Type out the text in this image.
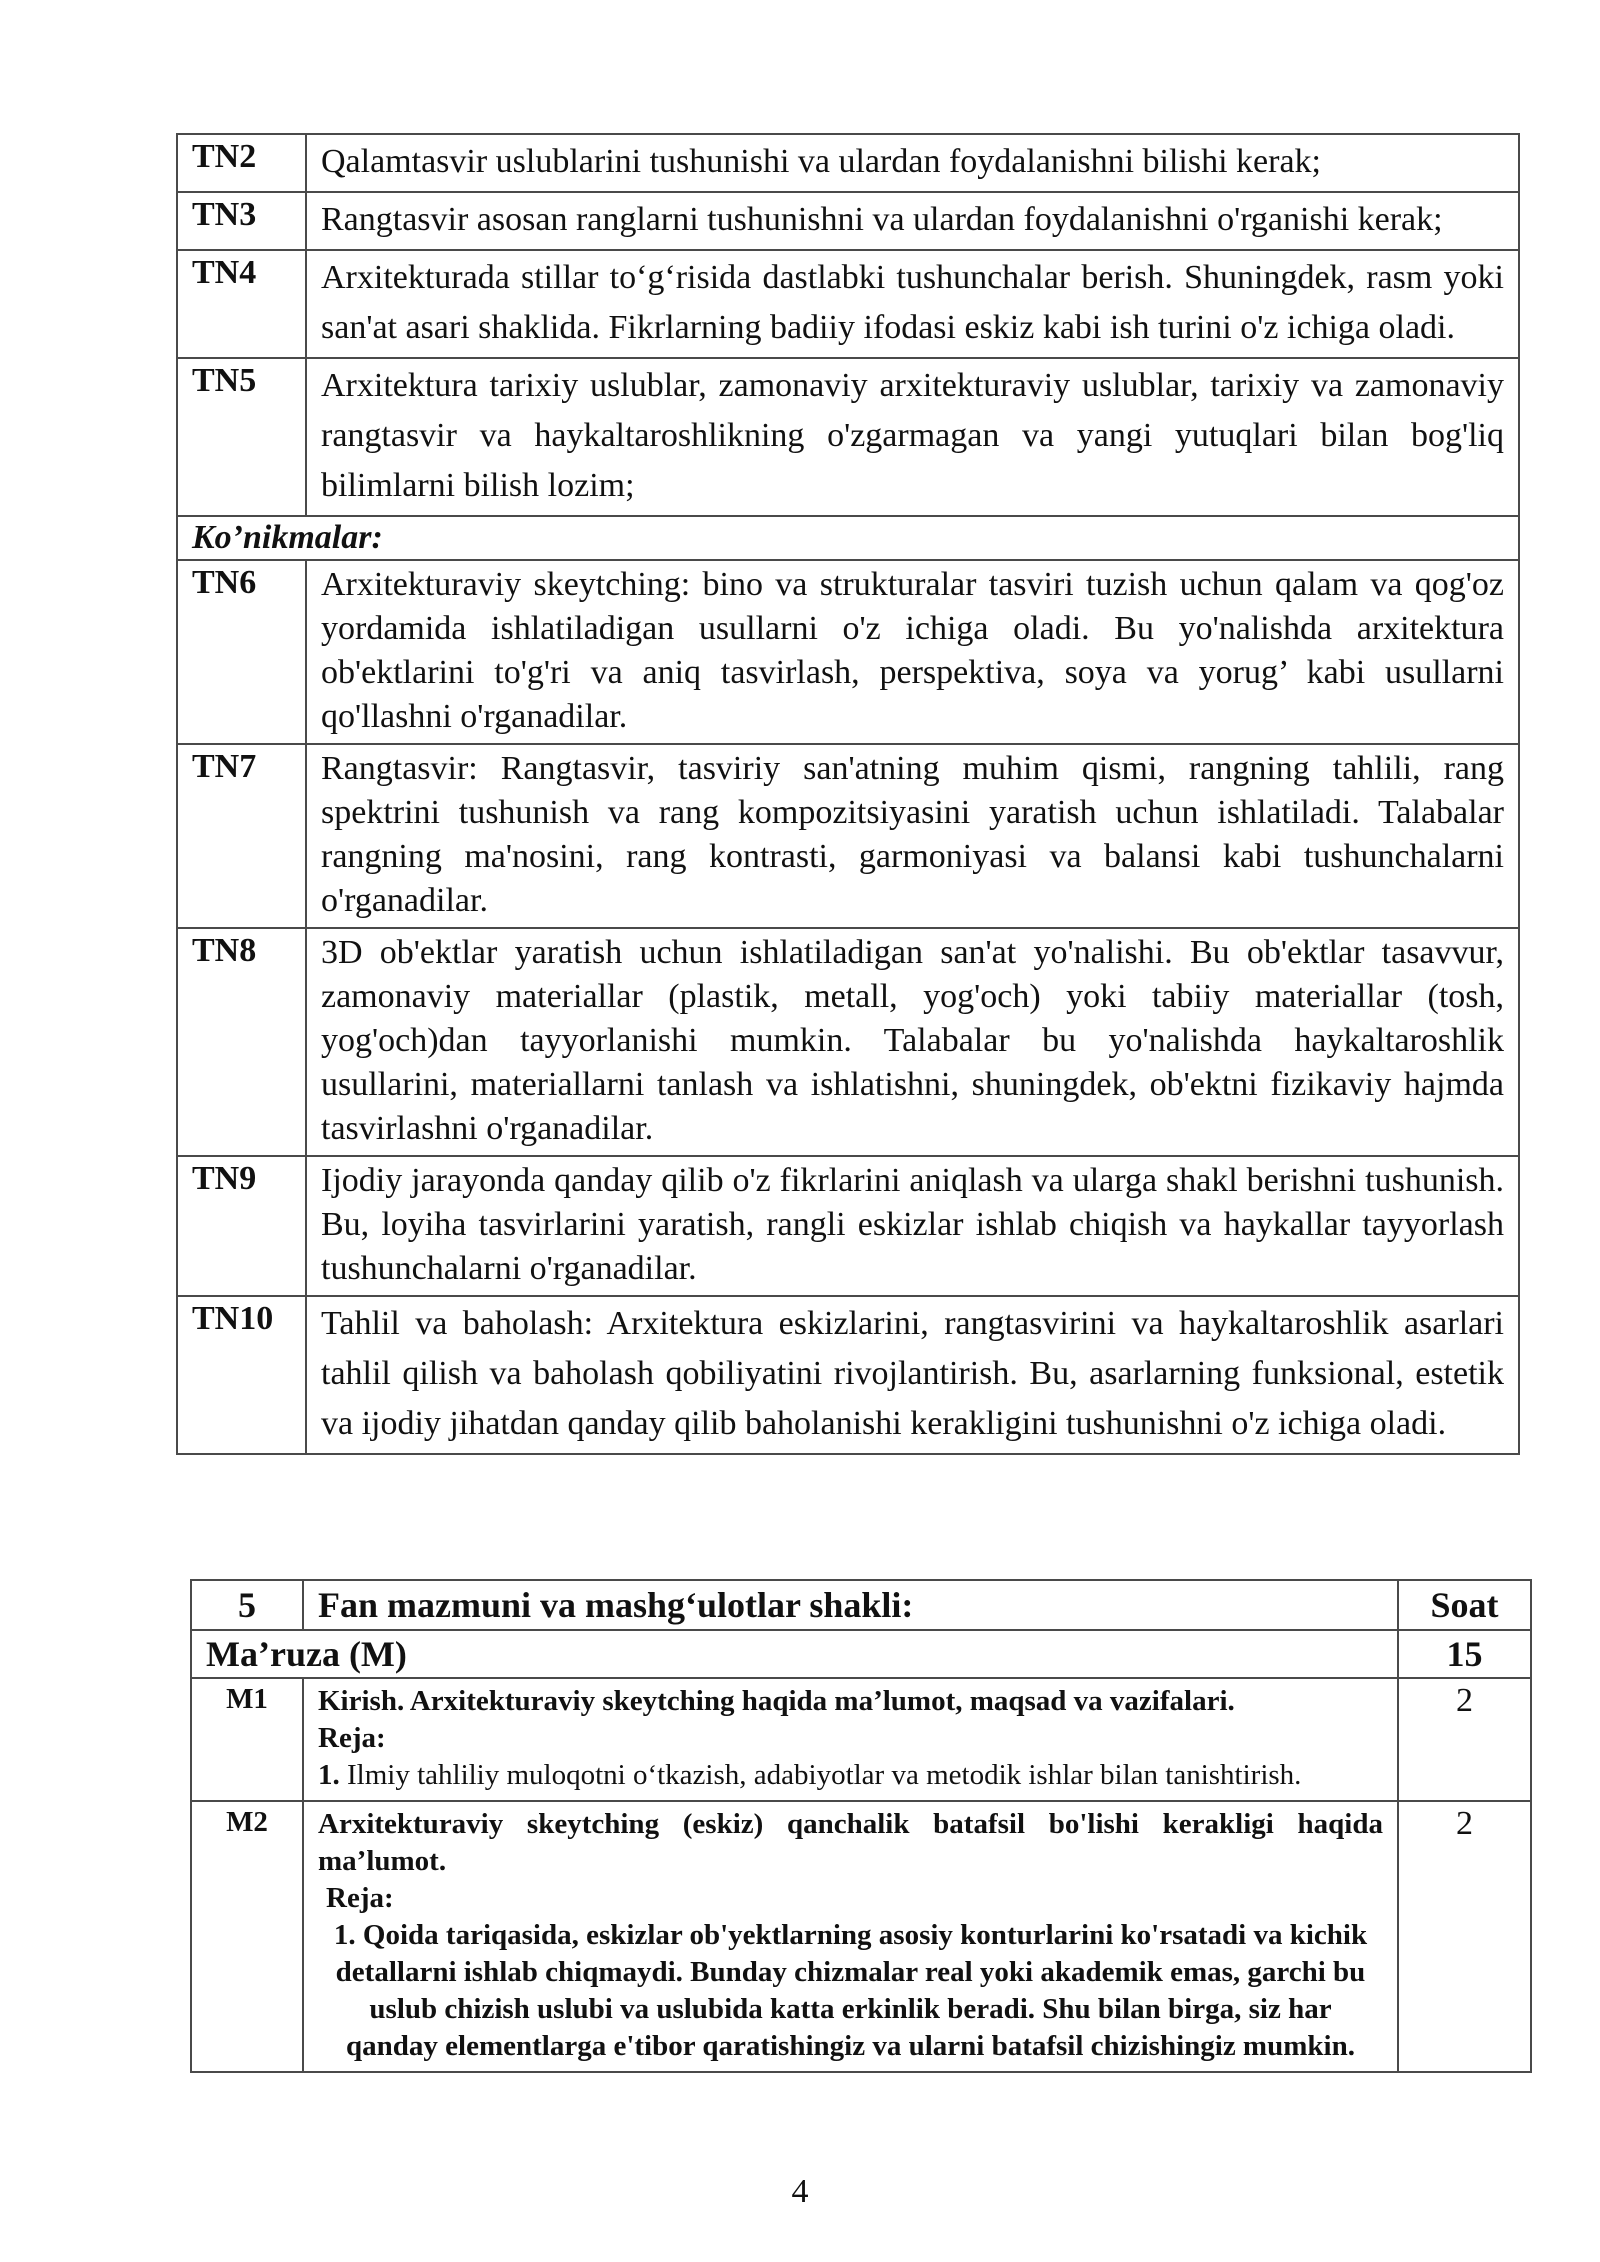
TN2	Qalamtasvir uslublarini tushunishi va ulardan foydalanishni bilishi kerak;
TN3	Rangtasvir asosan ranglarni tushunishni va ulardan foydalanishni o'rganishi kerak;
TN4	Arxitekturada stillar to‘g‘risida dastlabki tushunchalar berish. Shuningdek, rasm yoki san'at asari shaklida. Fikrlarning badiiy ifodasi eskiz kabi ish turini o'z ichiga oladi.
TN5	Arxitektura tarixiy uslublar, zamonaviy arxitekturaviy uslublar, tarixiy va zamonaviy rangtasvir va haykaltaroshlikning o'zgarmagan va yangi yutuqlari bilan bog'liq bilimlarni bilish lozim;
Ko’nikmalar:	
TN6	Arxitekturaviy skeytching: bino va strukturalar tasviri tuzish uchun qalam va qog'oz yordamida ishlatiladigan usullarni o'z ichiga oladi. Bu yo'nalishda arxitektura ob'ektlarini to'g'ri va aniq tasvirlash, perspektiva, soya va yorug’ kabi usullarni qo'llashni o'rganadilar.
TN7	Rangtasvir: Rangtasvir, tasviriy san'atning muhim qismi, rangning tahlili, rang spektrini tushunish va rang kompozitsiyasini yaratish uchun ishlatiladi. Talabalar rangning ma'nosini, rang kontrasti, garmoniyasi va balansi kabi tushunchalarni o'rganadilar.
TN8	3D ob'ektlar yaratish uchun ishlatiladigan san'at yo'nalishi. Bu ob'ektlar tasavvur, zamonaviy materiallar (plastik, metall, yog'och) yoki tabiiy materiallar (tosh, yog'och)dan tayyorlanishi mumkin. Talabalar bu yo'nalishda haykaltaroshlik usullarini, materiallarni tanlash va ishlatishni, shuningdek, ob'ektni fizikaviy hajmda tasvirlashni o'rganadilar.
TN9	Ijodiy jarayonda qanday qilib o'z fikrlarini aniqlash va ularga shakl berishni tushunish. Bu, loyiha tasvirlarini yaratish, rangli eskizlar ishlab chiqish va haykallar tayyorlash tushunchalarni o'rganadilar.
TN10	Tahlil va baholash: Arxitektura eskizlarini, rangtasvirini va haykaltaroshlik asarlari tahlil qilish va baholash qobiliyatini rivojlantirish. Bu, asarlarning funksional, estetik va ijodiy jihatdan qanday qilib baholanishi kerakligini tushunishni o'z ichiga oladi.
5	Fan mazmuni va mashg‘ulotlar shakli:	Soat
Ma’ruza (M)		15
M1	Kirish. Arxitekturaviy skeytching haqida ma’lumot, maqsad va vazifalari.
Reja:
1. Ilmiy tahliliy muloqotni o‘tkazish, adabiyotlar va metodik ishlar bilan tanishtirish.	2
M2	Arxitekturaviy skeytching (eskiz) qanchalik batafsil bo'lishi kerakligi haqida ma’lumot.
Reja:
1. Qoida tariqasida, eskizlar ob'yektlarning asosiy konturlarini ko'rsatadi va kichik detallarni ishlab chiqmaydi. Bunday chizmalar real yoki akademik emas, garchi bu uslub chizish uslubi va uslubida katta erkinlik beradi. Shu bilan birga, siz har qanday elementlarga e'tibor qaratishingiz va ularni batafsil chizishingiz mumkin.	2
4
